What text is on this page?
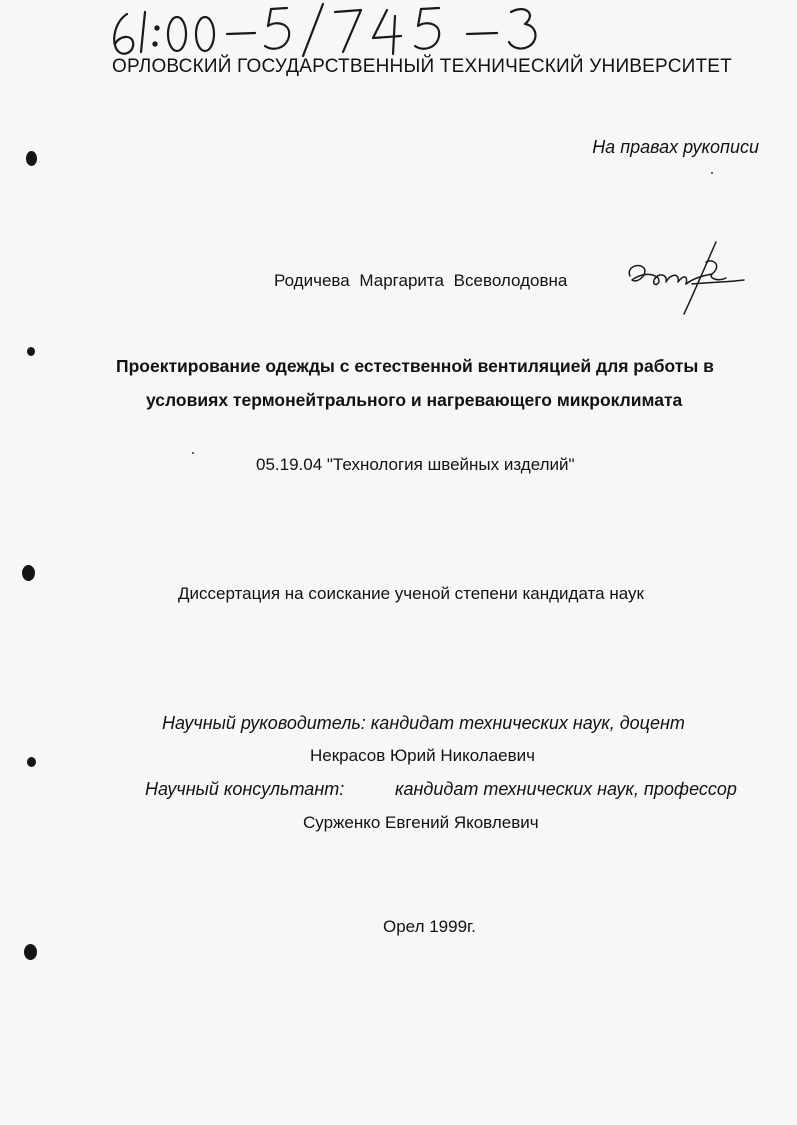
ОРЛОВСКИЙ ГОСУДАРСТВЕННЫЙ ТЕХНИЧЕСКИЙ УНИВЕРСИТЕТ
На правах рукописи
Родичева Маргарита Всеволодовна
Проектирование одежды с естественной вентиляцией для работы в
условиях термонейтрального и нагревающего микроклимата
05.19.04 "Технология швейных изделий"
Диссертация на соискание ученой степени кандидата наук
Научный руководитель: кандидат технических наук, доцент
Некрасов Юрий Николаевич
Научный консультант:	кандидат технических наук, профессор
Сурженко Евгений Яковлевич
Орел 1999г.
